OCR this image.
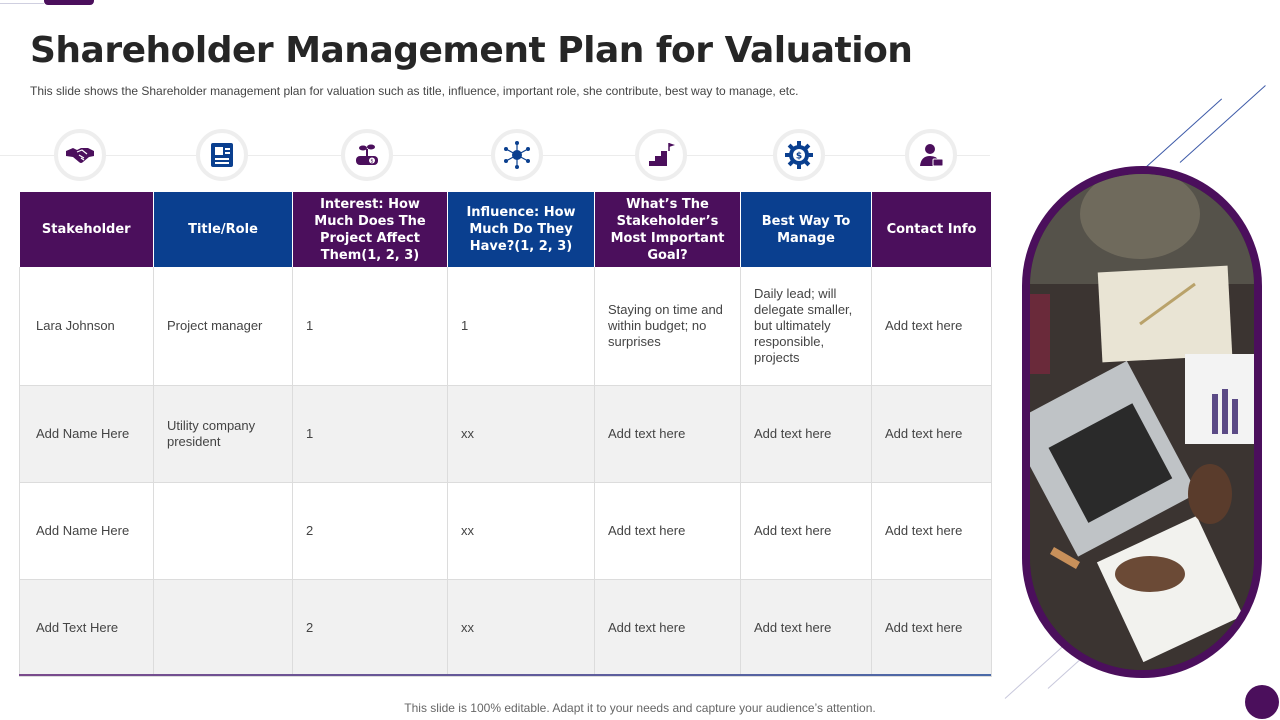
Shareholder Management Plan for Valuation

This slide shows the Shareholder management plan for valuation such as title, influence, important role, she contribute, best way to manage, etc.

$	$
Stakeholder	Title/Role	Interest: How Much Does The Project Affect Them(1, 2, 3)	Influence: How Much Do They Have?(1, 2, 3)	What’s The Stakeholder’s Most Important Goal?	Best Way To Manage	Contact Info
Lara Johnson	Project manager	1	1	Staying on time and within budget; no surprises	Daily lead; will delegate smaller, but ultimately responsible, projects	Add text here
Add Name Here	Utility company president	1	xx	Add text here	Add text here	Add text here
Add Name Here		2	xx	Add text here	Add text here	Add text here
Add Text Here		2	xx	Add text here	Add text here	Add text here

This slide is 100% editable. Adapt it to your needs and capture your audience’s attention.
